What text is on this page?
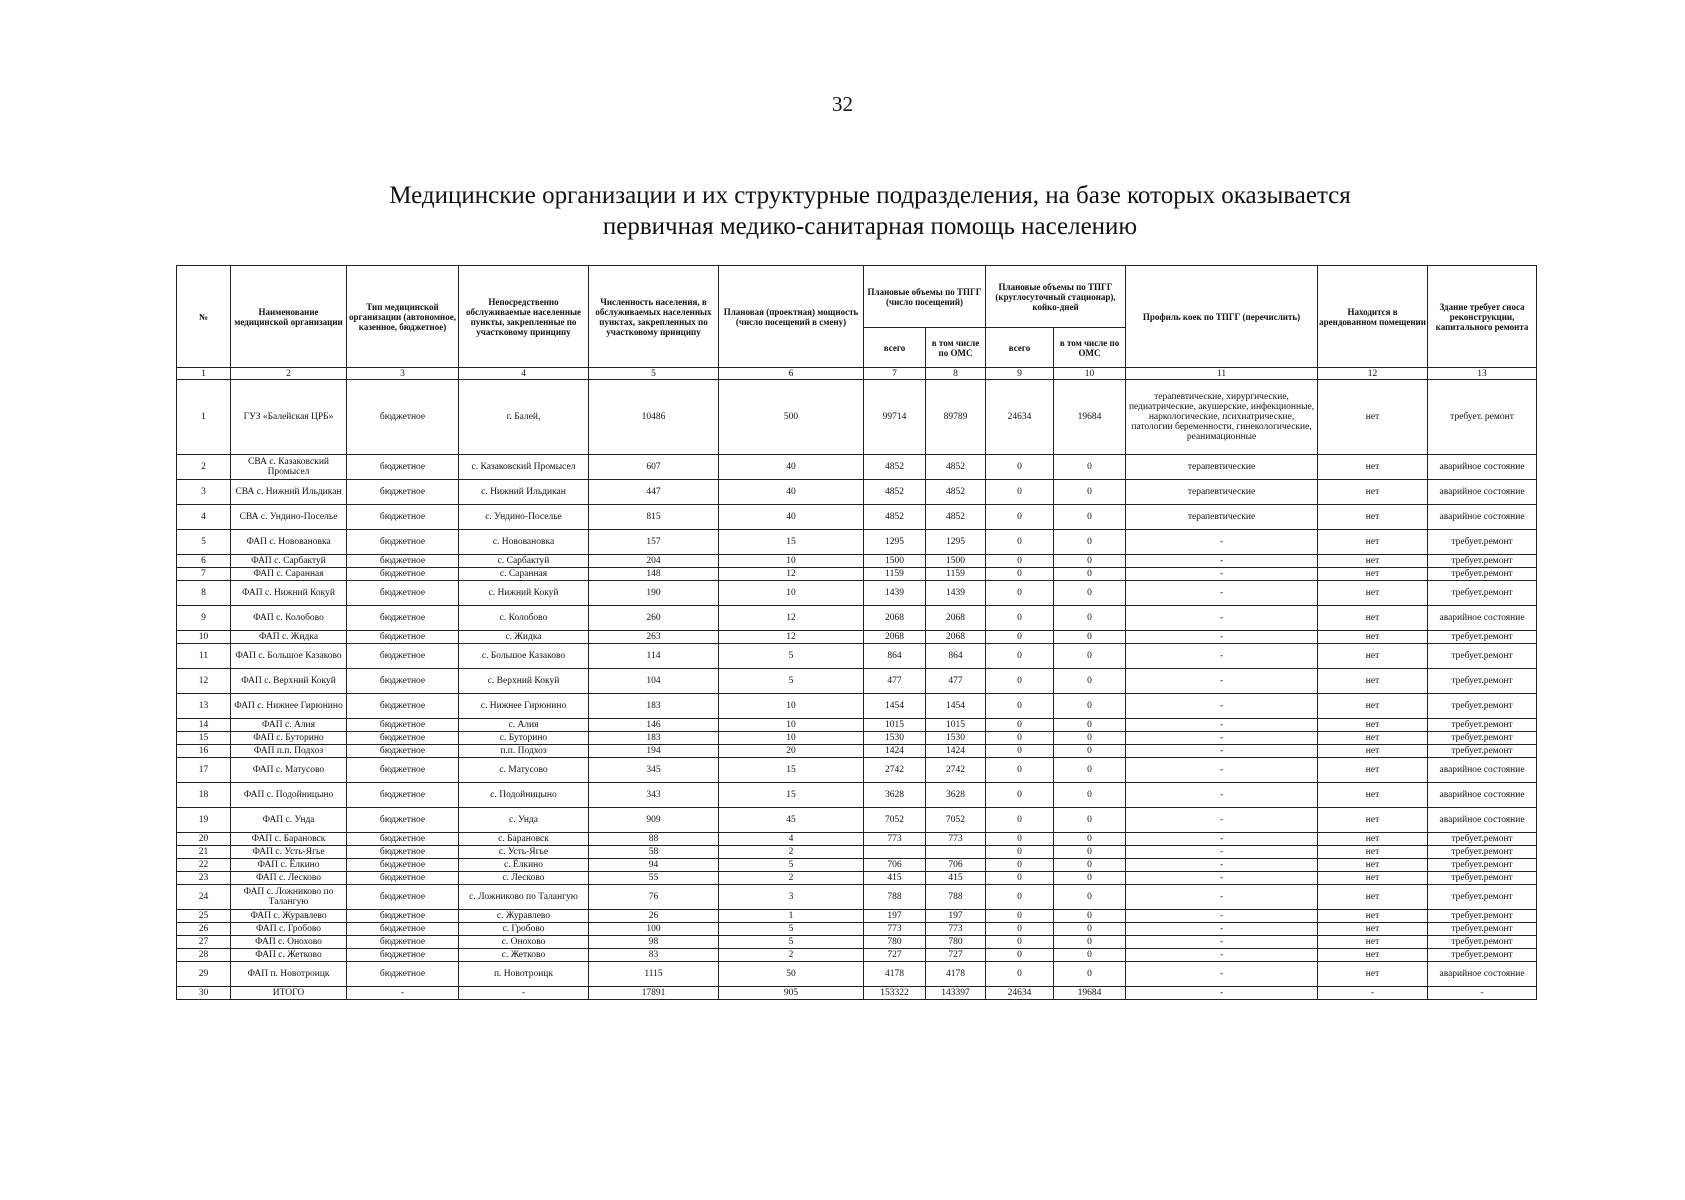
32
Медицинские организации и их структурные подразделения, на базе которых оказывается
первичная медико-санитарная помощь населению
№	Наименование медицинской организации	Тип медицинской организации (автономное, казенное, бюджетное)	Непосредственно обслуживаемые населенные пункты, закрепленные по участковому принципу	Численность населения, в обслуживаемых населенных пунктах, закрепленных по участковому принципу	Плановая (проектная) мощность (число посещений в смену)	Плановые объемы по ТПГГ (число посещений)		Плановые объемы по ТПГГ (круглосуточный стационар), койко-дней		Профиль коек по ТПГГ (перечислить)	Находится в арендованном помещении	Здание требует сноса реконструкции, капитального ремонта
						всего	в том числе по ОМС	всего	в том числе по ОМС			
1	2	3	4	5	6	7	8	9	10	11	12	13
1	ГУЗ «Балейская ЦРБ»	бюджетное	г. Балей,	10486	500	99714	89789	24634	19684	терапевтические, хирургические, педиатрические, акушерские, инфекционные, наркологические, психиатрические, патологии беременности, гинекологические, реанимационные	нет	требует. ремонт
2	СВА с. Казаковский Промысел	бюджетное	с. Казаковский Промысел	607	40	4852	4852	0	0	терапевтические	нет	аварийное состояние
3	СВА с. Нижний Ильдикан	бюджетное	с. Нижний Ильдикан	447	40	4852	4852	0	0	терапевтические	нет	аварийное состояние
4	СВА с. Ундино-Поселье	бюджетное	с. Ундино-Поселье	815	40	4852	4852	0	0	терапевтические	нет	аварийное состояние
5	ФАП с. Нововановка	бюджетное	с. Нововановка	157	15	1295	1295	0	0	-	нет	требует.ремонт
6	ФАП с. Сарбактуй	бюджетное	с. Сарбактуй	204	10	1500	1500	0	0	-	нет	требует.ремонт
7	ФАП с. Саранная	бюджетное	с. Саранная	148	12	1159	1159	0	0	-	нет	требует.ремонт
8	ФАП с. Нижний Кокуй	бюджетное	с. Нижний Кокуй	190	10	1439	1439	0	0	-	нет	требует.ремонт
9	ФАП с. Колобово	бюджетное	с. Колобово	260	12	2068	2068	0	0	-	нет	аварийное состояние
10	ФАП с. Жидка	бюджетное	с. Жидка	263	12	2068	2068	0	0	-	нет	требует.ремонт
11	ФАП с. Большое Казаково	бюджетное	с. Большое Казаково	114	5	864	864	0	0	-	нет	требует.ремонт
12	ФАП с. Верхний Кокуй	бюджетное	с. Верхний Кокуй	104	5	477	477	0	0	-	нет	требует.ремонт
13	ФАП с. Нижнее Гирюнино	бюджетное	с. Нижнее Гирюнино	183	10	1454	1454	0	0	-	нет	требует.ремонт
14	ФАП с. Алия	бюджетное	с. Алия	146	10	1015	1015	0	0	-	нет	требует.ремонт
15	ФАП с. Буторино	бюджетное	с. Буторино	183	10	1530	1530	0	0	-	нет	требует.ремонт
16	ФАП п.п. Подхоз	бюджетное	п.п. Подхоз	194	20	1424	1424	0	0	-	нет	требует.ремонт
17	ФАП с. Матусово	бюджетное	с. Матусово	345	15	2742	2742	0	0	-	нет	аварийное состояние
18	ФАП с. Подойницыно	бюджетное	с. Подойницыно	343	15	3628	3628	0	0	-	нет	аварийное состояние
19	ФАП с. Унда	бюджетное	с. Унда	909	45	7052	7052	0	0	-	нет	аварийное состояние
20	ФАП с. Барановск	бюджетное	с. Барановск	88	4	773	773	0	0	-	нет	требует.ремонт
21	ФАП с. Усть-Ягье	бюджетное	с. Усть-Ягье	58	2			0	0	-	нет	требует.ремонт
22	ФАП с. Ёлкино	бюджетное	с. Ёлкино	94	5	706	706	0	0	-	нет	требует.ремонт
23	ФАП с. Лесково	бюджетное	с. Лесково	55	2	415	415	0	0	-	нет	требует.ремонт
24	ФАП с. Ложниково по Талангую	бюджетное	с. Ложниково по Талангую	76	3	788	788	0	0	-	нет	требует.ремонт
25	ФАП с. Журавлево	бюджетное	с. Журавлево	26	1	197	197	0	0	-	нет	требует.ремонт
26	ФАП с. Гробово	бюджетное	с. Гробово	100	5	773	773	0	0	-	нет	требует.ремонт
27	ФАП с. Онохово	бюджетное	с. Онохово	98	5	780	780	0	0	-	нет	требует.ремонт
28	ФАП с. Жетково	бюджетное	с. Жетково	83	2	727	727	0	0	-	нет	требует.ремонт
29	ФАП п. Новотроицк	бюджетное	п. Новотроицк	1115	50	4178	4178	0	0	-	нет	аварийное состояние
30	ИТОГО	-	-	17891	905	153322	143397	24634	19684	-	-	-
